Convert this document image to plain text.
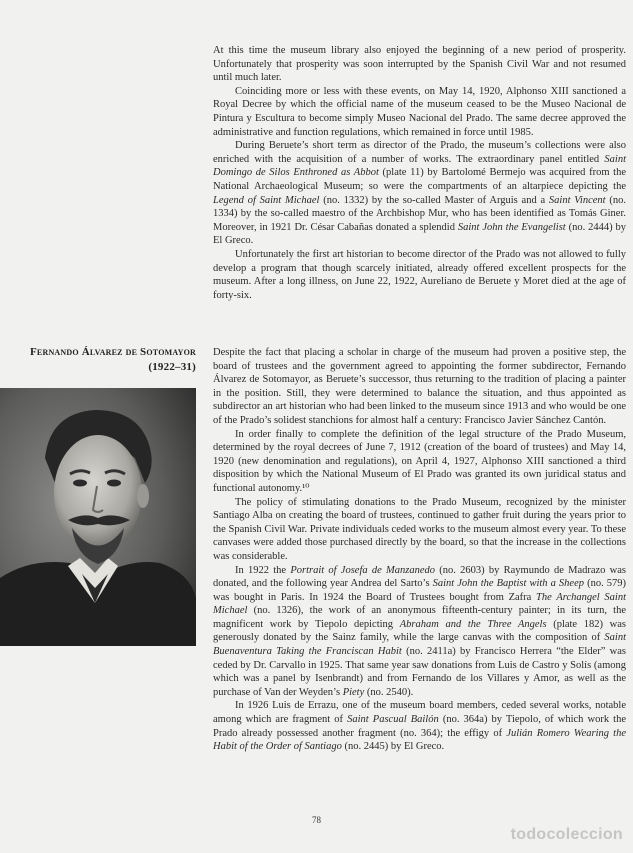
At this time the museum library also enjoyed the beginning of a new period of prosperity. Unfortunately that prosperity was soon interrupted by the Spanish Civil War and not resumed until much later.

Coinciding more or less with these events, on May 14, 1920, Alphonso XIII sanctioned a Royal Decree by which the official name of the museum ceased to be the Museo Nacional de Pintura y Escultura to become simply Museo Nacional del Prado. The same decree approved the administrative and function regulations, which remained in force until 1985.

During Beruete’s short term as director of the Prado, the museum’s collections were also enriched with the acquisition of a number of works. The extraordinary panel entitled Saint Domingo de Silos Enthroned as Abbot (plate 11) by Bartolomé Bermejo was acquired from the National Archaeological Museum; so were the compartments of an altarpiece depicting the Legend of Saint Michael (no. 1332) by the so-called Master of Arguis and a Saint Vincent (no. 1334) by the so-called maestro of the Archbishop Mur, who has been identified as Tomás Giner. Moreover, in 1921 Dr. César Cabañas donated a splendid Saint John the Evangelist (no. 2444) by El Greco.

Unfortunately the first art historian to become director of the Prado was not allowed to fully develop a program that though scarcely initiated, already offered excellent prospects for the museum. After a long illness, on June 22, 1922, Aureliano de Beruete y Moret died at the age of forty-six.

Fernando Álvarez de Sotomayor
(1922–31)

Despite the fact that placing a scholar in charge of the museum had proven a positive step, the board of trustees and the government agreed to appointing the former subdirector, Fernando Álvarez de Sotomayor, as Beruete’s successor, thus returning to the tradition of placing a painter in the position. Still, they were determined to balance the situation, and thus appointed as subdirector an art historian who had been linked to the museum since 1913 and who would be one of the Prado’s solidest stanchions for almost half a century: Francisco Javier Sánchez Cantón.

In order finally to complete the definition of the legal structure of the Prado Museum, determined by the royal decrees of June 7, 1912 (creation of the board of trustees) and May 14, 1920 (new denomination and regulations), on April 4, 1927, Alphonso XIII sanctioned a third disposition by which the National Museum of El Prado was granted its own juridical status and functional autonomy.¹⁰

The policy of stimulating donations to the Prado Museum, recognized by the minister Santiago Alba on creating the board of trustees, continued to gather fruit during the years prior to the Spanish Civil War. Private individuals ceded works to the museum almost every year. To these canvases were added those purchased directly by the board, so that the increase in the collections was considerable.

In 1922 the Portrait of Josefa de Manzanedo (no. 2603) by Raymundo de Madrazo was donated, and the following year Andrea del Sarto’s Saint John the Baptist with a Sheep (no. 579) was bought in Paris. In 1924 the Board of Trustees bought from Zafra The Archangel Saint Michael (no. 1326), the work of an anonymous fifteenth-century painter; in its turn, the magnificent work by Tiepolo depicting Abraham and the Three Angels (plate 182) was generously donated by the Sainz family, while the large canvas with the composition of Saint Buenaventura Taking the Franciscan Habit (no. 2411a) by Francisco Herrera “the Elder” was ceded by Dr. Carvallo in 1925. That same year saw donations from Luis de Castro y Solís (among which was a panel by Isenbrandt) and from Fernando de los Villares y Amor, as well as the purchase of Van der Weyden’s Piety (no. 2540).

In 1926 Luis de Errazu, one of the museum board members, ceded several works, notable among which are fragment of Saint Pascual Bailón (no. 364a) by Tiepolo, of which work the Prado already possessed another fragment (no. 364); the effigy of Julián Romero Wearing the Habit of the Order of Santiago (no. 2445) by El Greco.

78
todocoleccion
